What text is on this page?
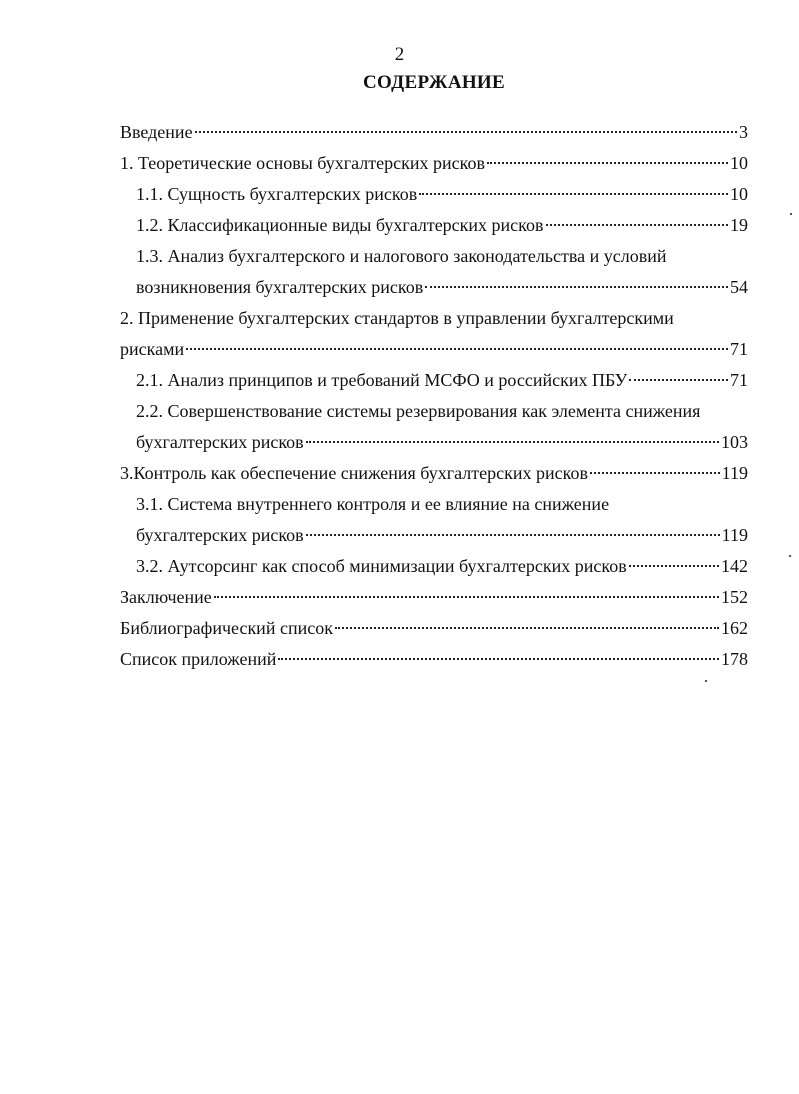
2
СОДЕРЖАНИЕ
Введение	3
1. Теоретические основы бухгалтерских рисков	10
1.1. Сущность бухгалтерских рисков	10
1.2. Классификационные виды бухгалтерских рисков	19
1.3. Анализ бухгалтерского и налогового законодательства и условий
возникновения бухгалтерских рисков	54
2. Применение бухгалтерских стандартов в управлении бухгалтерскими
рисками	71
2.1. Анализ принципов и требований МСФО и российских ПБУ	71
2.2. Совершенствование системы резервирования как элемента снижения
бухгалтерских рисков	103
3.Контроль как обеспечение снижения бухгалтерских рисков	119
3.1. Система внутреннего контроля и ее влияние на снижение
бухгалтерских рисков	119
3.2. Аутсорсинг как способ минимизации бухгалтерских рисков	142
Заключение	152
Библиографический список	162
Список приложений	178
